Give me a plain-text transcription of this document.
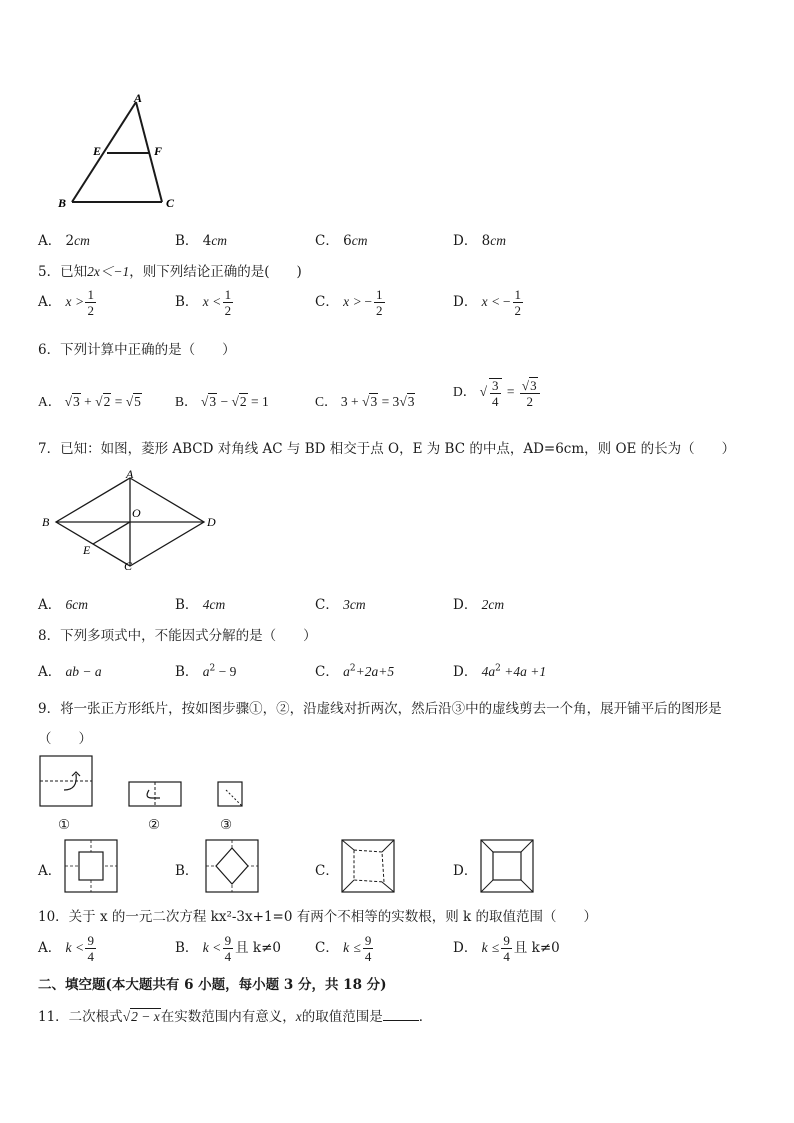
A
E	F
B	C
A． 2cm	B． 4cm	C． 6cm	D． 8cm
5．已知2x＜−1，则下列结论正确的是(　　)
A． $x > \frac{1}{2}$	B． $x < \frac{1}{2}$	C． x > − $\frac{1}{2}$	D． x < − $\frac{1}{2}$
6．下列计算中正确的是（　　）
A． √3 + √2 = √5	B． √3 − √2 = 1	C． 3 + √3 = 3√3
D． √ $\frac{3}{4} = \frac{√3}{2}$
7．已知：如图，菱形 ABCD 对角线 AC 与 BD 相交于点 O，E 为 BC 的中点，AD=6cm，则 OE 的长为（　　）
A
B
O
D
E
C
A． 6cm	B． 4cm	C． 3cm	D． 2cm
8．下列多项式中，不能因式分解的是（　　）
A． ab − a	B． $a^2 - 9$	C． $a^2+2a+5$	D． $4a^2 +4a +1$
9．将一张正方形纸片，按如图步骤①，②，沿虚线对折两次，然后沿③中的虚线剪去一个角，展开铺平后的图形是
（　　）
①	②	③
A．	B．	C．	D．
10．关于 x 的一元二次方程 kx²-3x+1=0 有两个不相等的实数根，则 k 的取值范围（　　）
A． $k < \frac{9}{4}$	B． $k < \frac{9}{4}$ 且 k≠0	C． $k \le \frac{9}{4}$	D． $k \le \frac{9}{4}$ 且 k≠0
二、填空题(本大题共有 6 小题，每小题 3 分，共 18 分)
11．二次根式√2 − x在实数范围内有意义，x的取值范围是	．
